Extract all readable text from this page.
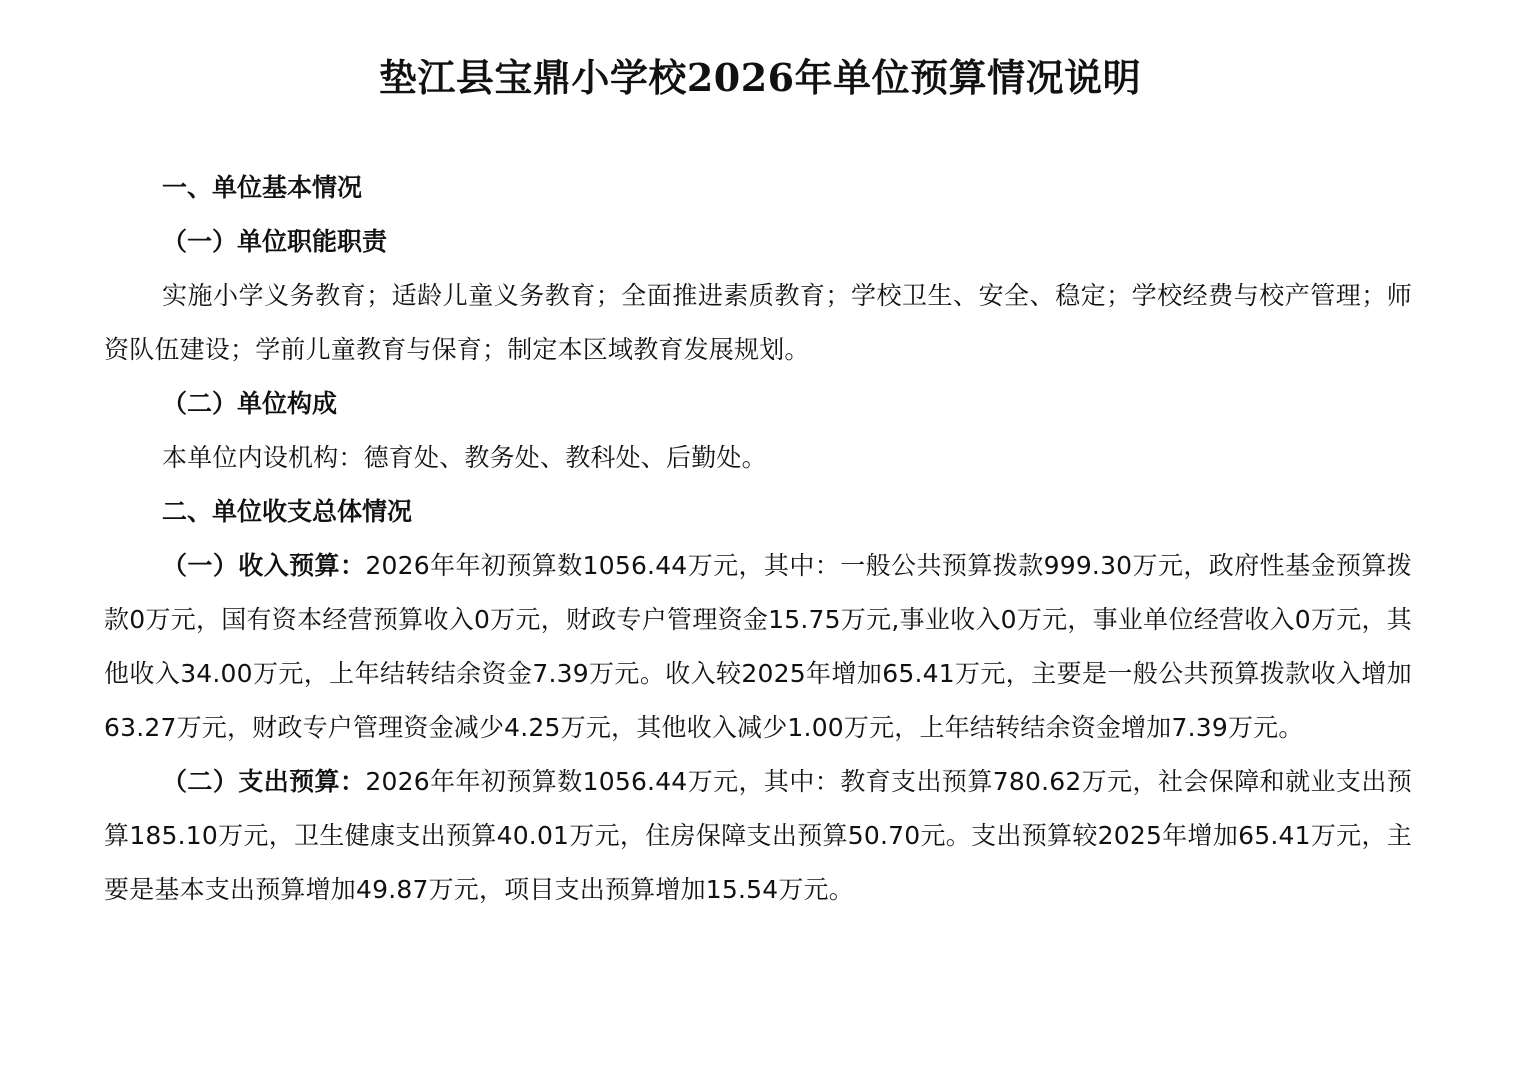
垫江县宝鼎小学校2026年单位预算情况说明

一、单位基本情况

（一）单位职能职责

实施小学义务教育；适龄儿童义务教育；全面推进素质教育；学校卫生、安全、稳定；学校经费与校产管理；师资队伍建设；学前儿童教育与保育；制定本区域教育发展规划。

（二）单位构成

本单位内设机构：德育处、教务处、教科处、后勤处。

二、单位收支总体情况

（一）收入预算：2026年年初预算数1056.44万元，其中：一般公共预算拨款999.30万元，政府性基金预算拨款0万元，国有资本经营预算收入0万元，财政专户管理资金15.75万元,事业收入0万元，事业单位经营收入0万元，其他收入34.00万元，上年结转结余资金7.39万元。收入较2025年增加65.41万元，主要是一般公共预算拨款收入增加63.27万元，财政专户管理资金减少4.25万元，其他收入减少1.00万元，上年结转结余资金增加7.39万元。

（二）支出预算：2026年年初预算数1056.44万元，其中：教育支出预算780.62万元，社会保障和就业支出预算185.10万元，卫生健康支出预算40.01万元，住房保障支出预算50.70元。支出预算较2025年增加65.41万元，主要是基本支出预算增加49.87万元，项目支出预算增加15.54万元。
